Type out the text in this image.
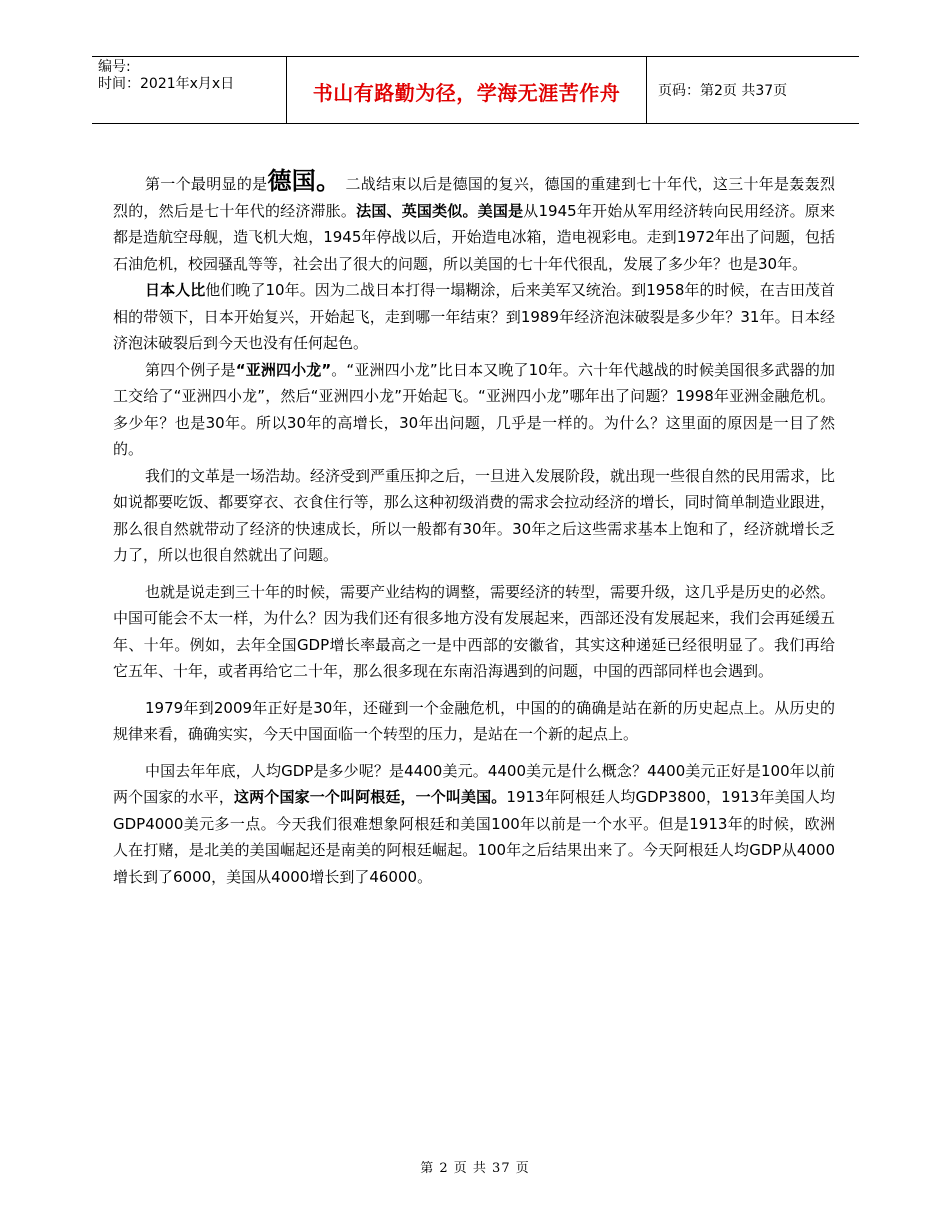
编号:
时间：2021年x月x日	书山有路勤为径，学海无涯苦作舟	页码：第2页 共37页

第一个最明显的是德国。 二战结束以后是德国的复兴，德国的重建到七十年代，这三十年是轰轰烈烈的，然后是七十年代的经济滞胀。法国、英国类似。美国是从1945年开始从军用经济转向民用经济。原来都是造航空母舰，造飞机大炮，1945年停战以后，开始造电冰箱，造电视彩电。走到1972年出了问题，包括石油危机，校园骚乱等等，社会出了很大的问题，所以美国的七十年代很乱，发展了多少年？也是30年。

日本人比他们晚了10年。因为二战日本打得一塌糊涂，后来美军又统治。到1958年的时候，在吉田茂首相的带领下，日本开始复兴，开始起飞，走到哪一年结束？到1989年经济泡沫破裂是多少年？31年。日本经济泡沫破裂后到今天也没有任何起色。

第四个例子是“亚洲四小龙”。“亚洲四小龙”比日本又晚了10年。六十年代越战的时候美国很多武器的加工交给了“亚洲四小龙”，然后“亚洲四小龙”开始起飞。“亚洲四小龙”哪年出了问题？1998年亚洲金融危机。多少年？也是30年。所以30年的高增长，30年出问题，几乎是一样的。为什么？这里面的原因是一目了然的。

我们的文革是一场浩劫。经济受到严重压抑之后，一旦进入发展阶段，就出现一些很自然的民用需求，比如说都要吃饭、都要穿衣、衣食住行等，那么这种初级消费的需求会拉动经济的增长，同时简单制造业跟进，那么很自然就带动了经济的快速成长，所以一般都有30年。30年之后这些需求基本上饱和了，经济就增长乏力了，所以也很自然就出了问题。

也就是说走到三十年的时候，需要产业结构的调整，需要经济的转型，需要升级，这几乎是历史的必然。中国可能会不太一样，为什么？因为我们还有很多地方没有发展起来，西部还没有发展起来，我们会再延缓五年、十年。例如，去年全国GDP增长率最高之一是中西部的安徽省，其实这种递延已经很明显了。我们再给它五年、十年，或者再给它二十年，那么很多现在东南沿海遇到的问题，中国的西部同样也会遇到。

1979年到2009年正好是30年，还碰到一个金融危机，中国的的确确是站在新的历史起点上。从历史的规律来看，确确实实，今天中国面临一个转型的压力，是站在一个新的起点上。

中国去年年底，人均GDP是多少呢？是4400美元。4400美元是什么概念？4400美元正好是100年以前两个国家的水平，这两个国家一个叫阿根廷，一个叫美国。1913年阿根廷人均GDP3800，1913年美国人均GDP4000美元多一点。今天我们很难想象阿根廷和美国100年以前是一个水平。但是1913年的时候，欧洲人在打赌，是北美的美国崛起还是南美的阿根廷崛起。100年之后结果出来了。今天阿根廷人均GDP从4000增长到了6000，美国从4000增长到了46000。

第 2 页 共 37 页
